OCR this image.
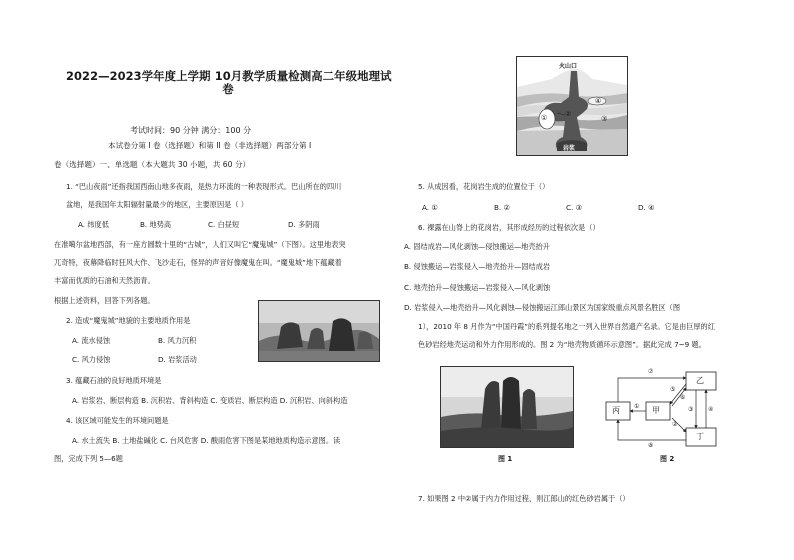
2022—2023学年度上学期 10月教学质量检测高二年级地理试
卷
考试时间：90 分钟 满分：100 分
本试卷分第 I 卷（选择题）和第 II 卷（非选择题）两部分第 I
卷（选择题）一、单选题（本大题共 30 小题，共 60 分）
1. “巴山夜雨”还指我国西南山地多夜雨，是热力环流的一种表现形式。巴山所在的四川
盆地，是我国年太阳辐射量最少的地区，主要原因是（ ）
A. 纬度低	B. 地势高	C. 白昼短	D. 多阴雨
在准噶尔盆地西部，有一座方圆数十里的“古城”，人们又叫它“魔鬼城”（下图）。这里地表突
兀奇特，夜幕降临时狂风大作、飞沙走石，怪异的声音好像魔鬼在叫。“魔鬼城”地下蕴藏着
丰富而优质的石油和天然沥青。
根据上述资料，回答下列各题。
2. 造成“魔鬼城”地貌的主要地质作用是
A. 流水侵蚀	B. 风力沉积
C. 风力侵蚀	D. 岩浆活动
3. 蕴藏石油的良好地质环境是
A. 岩浆岩、断层构造 B. 沉积岩、背斜构造 C. 变质岩、断层构造 D. 沉积岩、向斜构造
4. 该区域可能发生的环境问题是
A. 水土流失 B. 土地盐碱化 C. 台风危害 D. 酸雨危害下图是某地地质构造示意图。读
图，完成下列 5—6题
火山口
①	②
③
④
岩浆
5. 从成因看，花岗岩生成的位置位于（）
A. ①	B. ②	C. ③	D. ④
6. 裸露在山脊上的花岗岩，其形成经历的过程依次是（）
A. 固结成岩—风化剥蚀—侵蚀搬运—地壳抬升
B. 侵蚀搬运—岩浆侵入—地壳抬升—固结成岩
C. 地壳抬升—侵蚀搬运—岩浆侵入—风化剥蚀
D. 岩浆侵入—地壳抬升—风化剥蚀—侵蚀搬运江郎山景区为国家级重点风景名胜区（图
1），2010 年 8 月作为“中国丹霞”的系列提名地之一列入世界自然遗产名录。它是由巨厚的红
色砂岩经地壳运动和外力作用形成的。图 2 为“地壳物质循环示意图”。据此完成 7~9 题。
图 1
乙
丙	甲
丁
⑦
⑤
⑥
③ ④
①
②
⑧
图 2
7. 如果图 2 中②属于内力作用过程，则江郎山的红色砂岩属于（）
